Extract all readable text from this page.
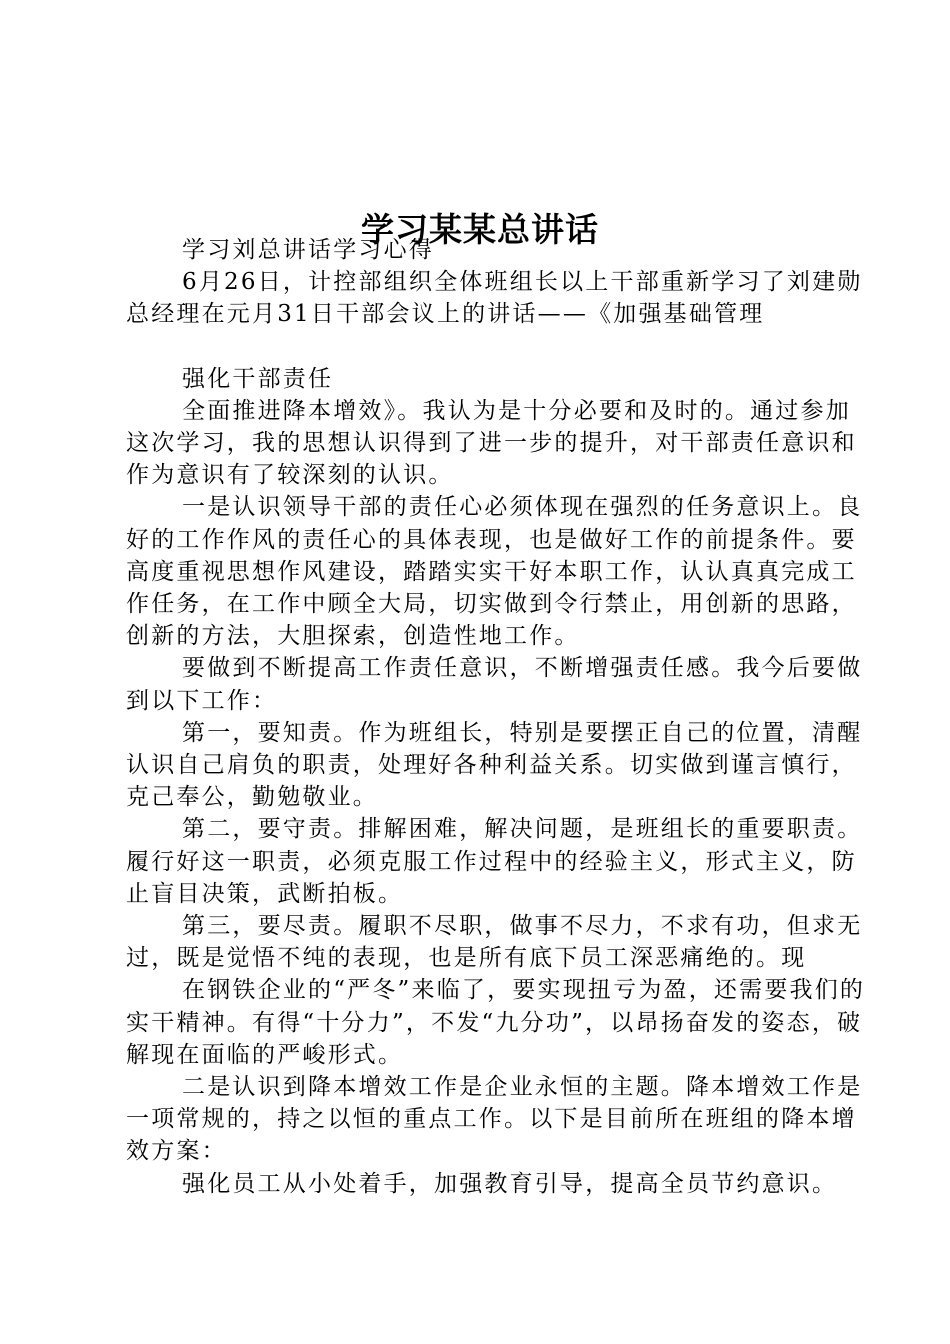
学习某某总讲话

学习刘总讲话学习心得

6月26日，计控部组织全体班组长以上干部重新学习了刘建勋总经理在元月31日干部会议上的讲话——《加强基础管理

强化干部责任

全面推进降本增效》。我认为是十分必要和及时的。通过参加这次学习，我的思想认识得到了进一步的提升，对干部责任意识和作为意识有了较深刻的认识。

一是认识领导干部的责任心必须体现在强烈的任务意识上。良好的工作作风的责任心的具体表现，也是做好工作的前提条件。要高度重视思想作风建设，踏踏实实干好本职工作，认认真真完成工作任务，在工作中顾全大局，切实做到令行禁止，用创新的思路，创新的方法，大胆探索，创造性地工作。

要做到不断提高工作责任意识，不断增强责任感。我今后要做到以下工作：

第一，要知责。作为班组长，特别是要摆正自己的位置，清醒认识自己肩负的职责，处理好各种利益关系。切实做到谨言慎行，克己奉公，勤勉敬业。

第二，要守责。排解困难，解决问题，是班组长的重要职责。履行好这一职责，必须克服工作过程中的经验主义，形式主义，防止盲目决策，武断拍板。

第三，要尽责。履职不尽职，做事不尽力，不求有功，但求无过，既是觉悟不纯的表现，也是所有底下员工深恶痛绝的。现

在钢铁企业的“严冬”来临了，要实现扭亏为盈，还需要我们的实干精神。有得“十分力”，不发“九分功”，以昂扬奋发的姿态，破解现在面临的严峻形式。

二是认识到降本增效工作是企业永恒的主题。降本增效工作是一项常规的，持之以恒的重点工作。以下是目前所在班组的降本增效方案：

强化员工从小处着手，加强教育引导，提高全员节约意识。
